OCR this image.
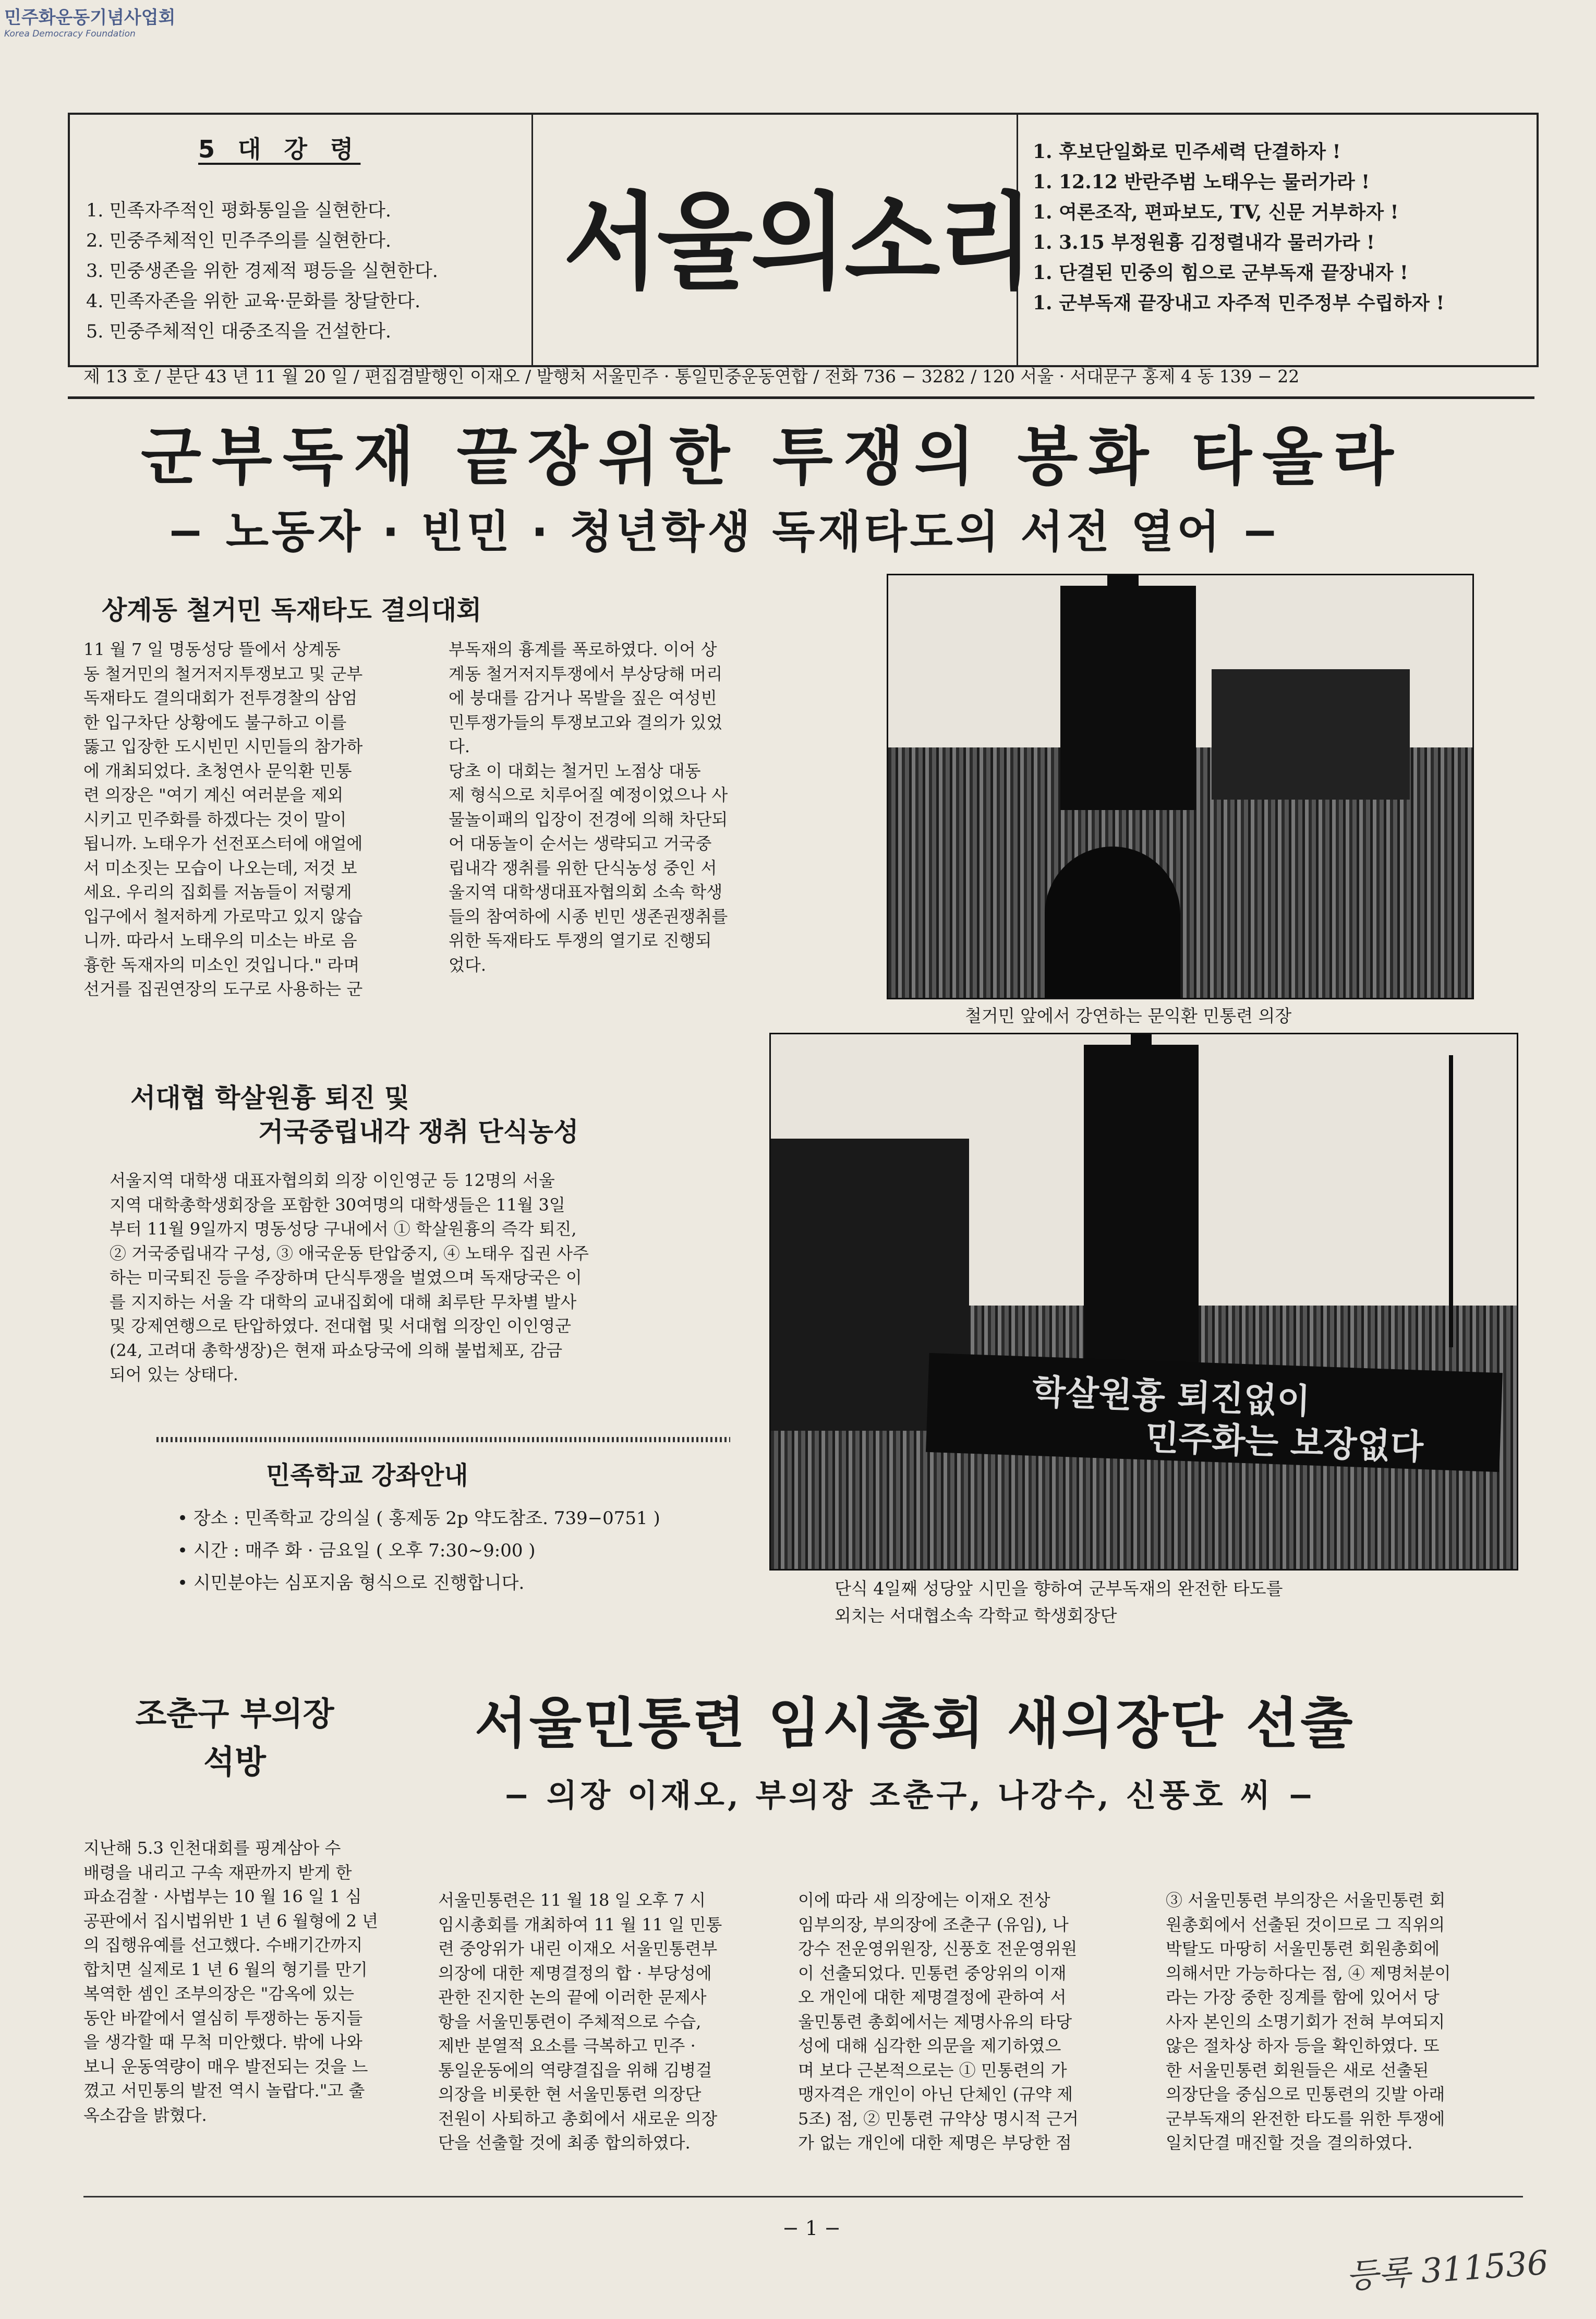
민주화운동기념사업회
Korea Democracy Foundation
5 대 강 령
1. 민족자주적인 평화통일을 실현한다.
2. 민중주체적인 민주주의를 실현한다.
3. 민중생존을 위한 경제적 평등을 실현한다.
4. 민족자존을 위한 교육·문화를 창달한다.
5. 민중주체적인 대중조직을 건설한다.
서울의소리
1. 후보단일화로 민주세력 단결하자 !
1. 12.12 반란주범 노태우는 물러가라 !
1. 여론조작, 편파보도, TV, 신문 거부하자 !
1. 3.15 부정원흉 김정렬내각 물러가라 !
1. 단결된 민중의 힘으로 군부독재 끝장내자 !
1. 군부독재 끝장내고 자주적 민주정부 수립하자 !
제 13 호 / 분단 43 년 11 월 20 일 / 편집겸발행인 이재오 / 발행처 서울민주 · 통일민중운동연합 / 전화 736 − 3282 / 120 서울 · 서대문구 홍제 4 동 139 − 22
군부독재 끝장위한 투쟁의 봉화 타올라
− 노동자 · 빈민 · 청년학생 독재타도의 서전 열어 −
상계동 철거민 독재타도 결의대회
11 월 7 일 명동성당 뜰에서 상계동
동 철거민의 철거저지투쟁보고 및 군부
독재타도 결의대회가 전투경찰의 삼엄
한 입구차단 상황에도 불구하고 이를
뚫고 입장한 도시빈민 시민들의 참가하
에 개최되었다. 초청연사 문익환 민통
련 의장은 "여기 계신 여러분을 제외
시키고 민주화를 하겠다는 것이 말이
됩니까. 노태우가 선전포스터에 애얼에
서 미소짓는 모습이 나오는데, 저것 보
세요. 우리의 집회를 저놈들이 저렇게
입구에서 철저하게 가로막고 있지 않습
니까. 따라서 노태우의 미소는 바로 음
흉한 독재자의 미소인 것입니다." 라며
선거를 집권연장의 도구로 사용하는 군
부독재의 흉계를 폭로하였다. 이어 상
계동 철거저지투쟁에서 부상당해 머리
에 붕대를 감거나 목발을 짚은 여성빈
민투쟁가들의 투쟁보고와 결의가 있었
다.
당초 이 대회는 철거민 노점상 대동
제 형식으로 치루어질 예정이었으나 사
물놀이패의 입장이 전경에 의해 차단되
어 대동놀이 순서는 생략되고 거국중
립내각 쟁취를 위한 단식농성 중인 서
울지역 대학생대표자협의회 소속 학생
들의 참여하에 시종 빈민 생존권쟁취를
위한 독재타도 투쟁의 열기로 진행되
었다.
철거민 앞에서 강연하는 문익환 민통련 의장
서대협 학살원흉 퇴진 및
거국중립내각 쟁취 단식농성
서울지역 대학생 대표자협의회 의장 이인영군 등 12명의 서울
지역 대학총학생회장을 포함한 30여명의 대학생들은 11월 3일
부터 11월 9일까지 명동성당 구내에서 ① 학살원흉의 즉각 퇴진,
② 거국중립내각 구성, ③ 애국운동 탄압중지, ④ 노태우 집권 사주
하는 미국퇴진 등을 주장하며 단식투쟁을 벌였으며 독재당국은 이
를 지지하는 서울 각 대학의 교내집회에 대해 최루탄 무차별 발사
및 강제연행으로 탄압하였다. 전대협 및 서대협 의장인 이인영군
(24, 고려대 총학생장)은 현재 파쇼당국에 의해 불법체포, 감금
되어 있는 상태다.	학살원흉 퇴진없이
민주화는 보장없다
단식 4일째 성당앞 시민을 향하여 군부독재의 완전한 타도를
외치는 서대협소속 각학교 학생회장단
민족학교 강좌안내
• 장소 : 민족학교 강의실 ( 홍제동 2p 약도참조. 739−0751 )
• 시간 : 매주 화 · 금요일 ( 오후 7:30∼9:00 )
• 시민분야는 심포지움 형식으로 진행합니다.
조춘구 부의장
석방
지난해 5.3 인천대회를 핑계삼아 수
배령을 내리고 구속 재판까지 받게 한
파쇼검찰 · 사법부는 10 월 16 일 1 심
공판에서 집시법위반 1 년 6 월형에 2 년
의 집행유예를 선고했다. 수배기간까지
합치면 실제로 1 년 6 월의 형기를 만기
복역한 셈인 조부의장은 "감옥에 있는
동안 바깥에서 열심히 투쟁하는 동지들
을 생각할 때 무척 미안했다. 밖에 나와
보니 운동역량이 매우 발전되는 것을 느
꼈고 서민통의 발전 역시 놀랍다."고 출
옥소감을 밝혔다.
서울민통련 임시총회 새의장단 선출
− 의장 이재오, 부의장 조춘구, 나강수, 신풍호 씨 −
서울민통련은 11 월 18 일 오후 7 시
임시총회를 개최하여 11 월 11 일 민통
련 중앙위가 내린 이재오 서울민통련부
의장에 대한 제명결정의 합 · 부당성에
관한 진지한 논의 끝에 이러한 문제사
항을 서울민통련이 주체적으로 수습,
제반 분열적 요소를 극복하고 민주 ·
통일운동에의 역량결집을 위해 김병걸
의장을 비롯한 현 서울민통련 의장단
전원이 사퇴하고 총회에서 새로운 의장
단을 선출할 것에 최종 합의하였다.
이에 따라 새 의장에는 이재오 전상
임부의장, 부의장에 조춘구 (유임), 나
강수 전운영위원장, 신풍호 전운영위원
이 선출되었다. 민통련 중앙위의 이재
오 개인에 대한 제명결정에 관하여 서
울민통련 총회에서는 제명사유의 타당
성에 대해 심각한 의문을 제기하였으
며 보다 근본적으로는 ① 민통련의 가
맹자격은 개인이 아닌 단체인 (규약 제
5조) 점, ② 민통련 규약상 명시적 근거
가 없는 개인에 대한 제명은 부당한 점
③ 서울민통련 부의장은 서울민통련 회
원총회에서 선출된 것이므로 그 직위의
박탈도 마땅히 서울민통련 회원총회에
의해서만 가능하다는 점, ④ 제명처분이
라는 가장 중한 징계를 함에 있어서 당
사자 본인의 소명기회가 전혀 부여되지
않은 절차상 하자 등을 확인하였다. 또
한 서울민통련 회원들은 새로 선출된
의장단을 중심으로 민통련의 깃발 아래
군부독재의 완전한 타도를 위한 투쟁에
일치단결 매진할 것을 결의하였다.
− 1 −
등록 311536
